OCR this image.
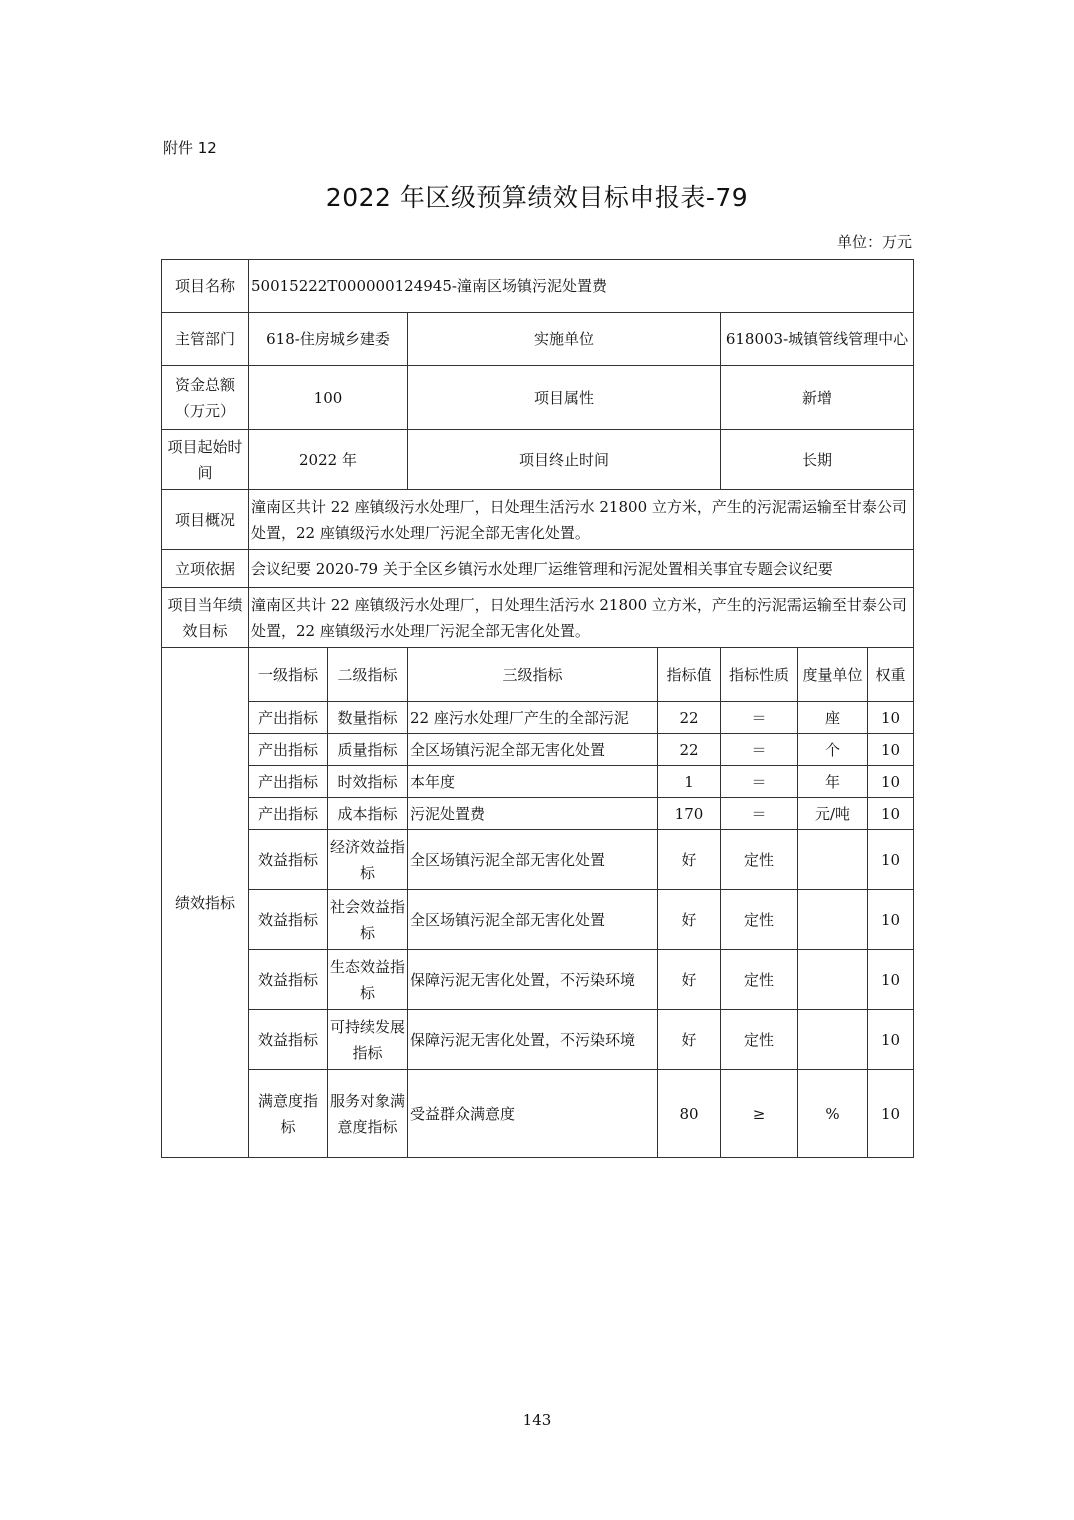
附件 12
2022 年区级预算绩效目标申报表-79
单位：万元
项目名称	50015222T000000124945-潼南区场镇污泥处置费						
主管部门	618-住房城乡建委		实施单位		618003-城镇管线管理中心		
资金总额（万元）	100		项目属性		新增		
项目起始时间	2022 年		项目终止时间		长期		
项目概况	潼南区共计 22 座镇级污水处理厂，日处理生活污水 21800 立方米，产生的污泥需运输至甘泰公司处置，22 座镇级污水处理厂污泥全部无害化处置。						
立项依据	会议纪要 2020-79 关于全区乡镇污水处理厂运维管理和污泥处置相关事宜专题会议纪要						
项目当年绩效目标	潼南区共计 22 座镇级污水处理厂，日处理生活污水 21800 立方米，产生的污泥需运输至甘泰公司处置，22 座镇级污水处理厂污泥全部无害化处置。						
绩效指标	一级指标	二级指标	三级指标	指标值	指标性质	度量单位	权重
	产出指标	数量指标	22 座污水处理厂产生的全部污泥	22	＝	座	10
	产出指标	质量指标	全区场镇污泥全部无害化处置	22	＝	个	10
	产出指标	时效指标	本年度	1	＝	年	10
	产出指标	成本指标	污泥处置费	170	＝	元/吨	10
	效益指标	经济效益指标	全区场镇污泥全部无害化处置	好	定性		10
	效益指标	社会效益指标	全区场镇污泥全部无害化处置	好	定性		10
	效益指标	生态效益指标	保障污泥无害化处置，不污染环境	好	定性		10
	效益指标	可持续发展指标	保障污泥无害化处置，不污染环境	好	定性		10
	满意度指标	服务对象满意度指标	受益群众满意度	80	≥	%	10
143
